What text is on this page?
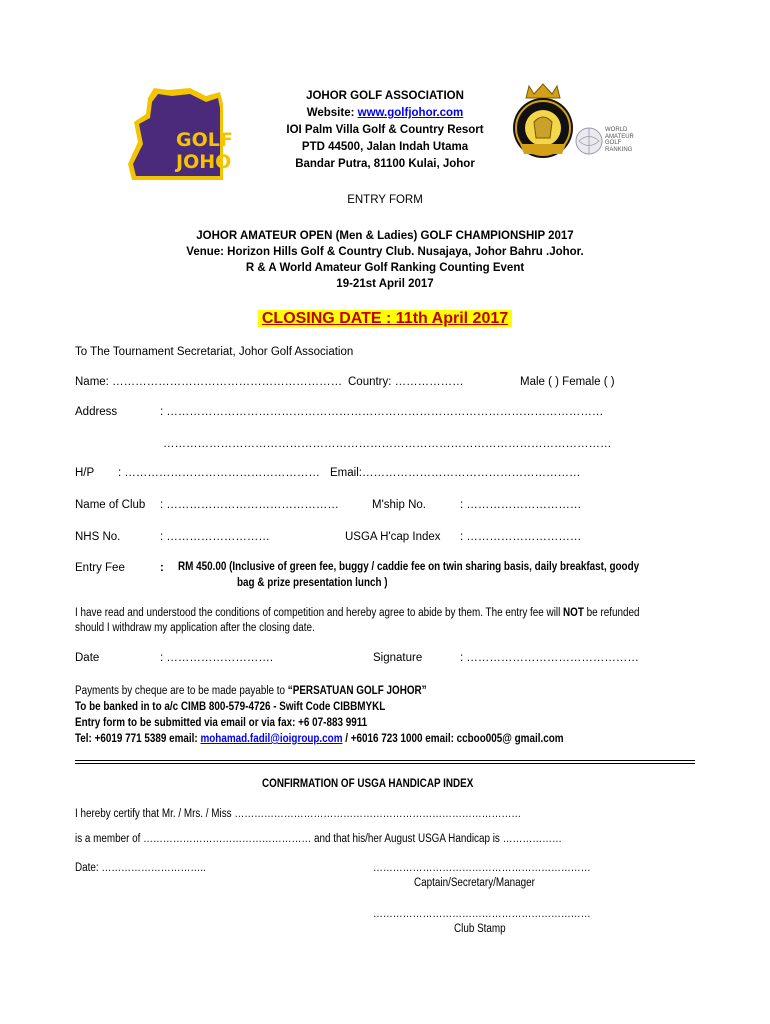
GOLF
JOHO
JOHOR GOLF ASSOCIATION
Website: www.golfjohor.com
IOI Palm Villa Golf & Country Resort
PTD 44500, Jalan Indah Utama
Bandar Putra, 81100 Kulai, Johor
WORLD
AMATEUR
GOLF
RANKING
ENTRY FORM
JOHOR AMATEUR OPEN (Men & Ladies) GOLF CHAMPIONSHIP 2017
Venue: Horizon Hills Golf & Country Club. Nusajaya, Johor Bahru .Johor.
R & A World Amateur Golf Ranking Counting Event
19-21st April 2017
CLOSING DATE : 11th April 2017
To The Tournament Secretariat, Johor Golf Association
Name: …………………………………………………… Country: ………………	Male ( ) Female ( )
Address	: ……………………………………………………………………………………………………
………………………………………………………………………………………………………
H/P : …………………………………………… Email:…………………………………………………
Name of Club : ………………………………………	M'ship No.	: …………………………
NHS No.	: ………………………	USGA H'cap Index : …………………………
Entry Fee	: RM 450.00 (Inclusive of green fee, buggy / caddie fee on twin sharing basis, daily breakfast, goody
bag & prize presentation lunch )
I have read and understood the conditions of competition and hereby agree to abide by them. The entry fee will NOT be refunded
should I withdraw my application after the closing date.
Date	: ……………………….	Signature	: ………………………………………
Payments by cheque are to be made payable to “PERSATUAN GOLF JOHOR”
To be banked in to a/c CIMB 800-579-4726 - Swift Code CIBBMYKL
Entry form to be submitted via email or via fax: +6 07-883 9911
Tel: +6019 771 5389 email: mohamad.fadil@ioigroup.com / +6016 723 1000 email: ccboo005@ gmail.com
CONFIRMATION OF USGA HANDICAP INDEX
I hereby certify that Mr. / Mrs. / Miss ……………………………………………………………………………
is a member of …………………………………………… and that his/her August USGA Handicap is ………………
Date: …………………………..	…………………………………………………………
Captain/Secretary/Manager
…………………………………………………………
Club Stamp
